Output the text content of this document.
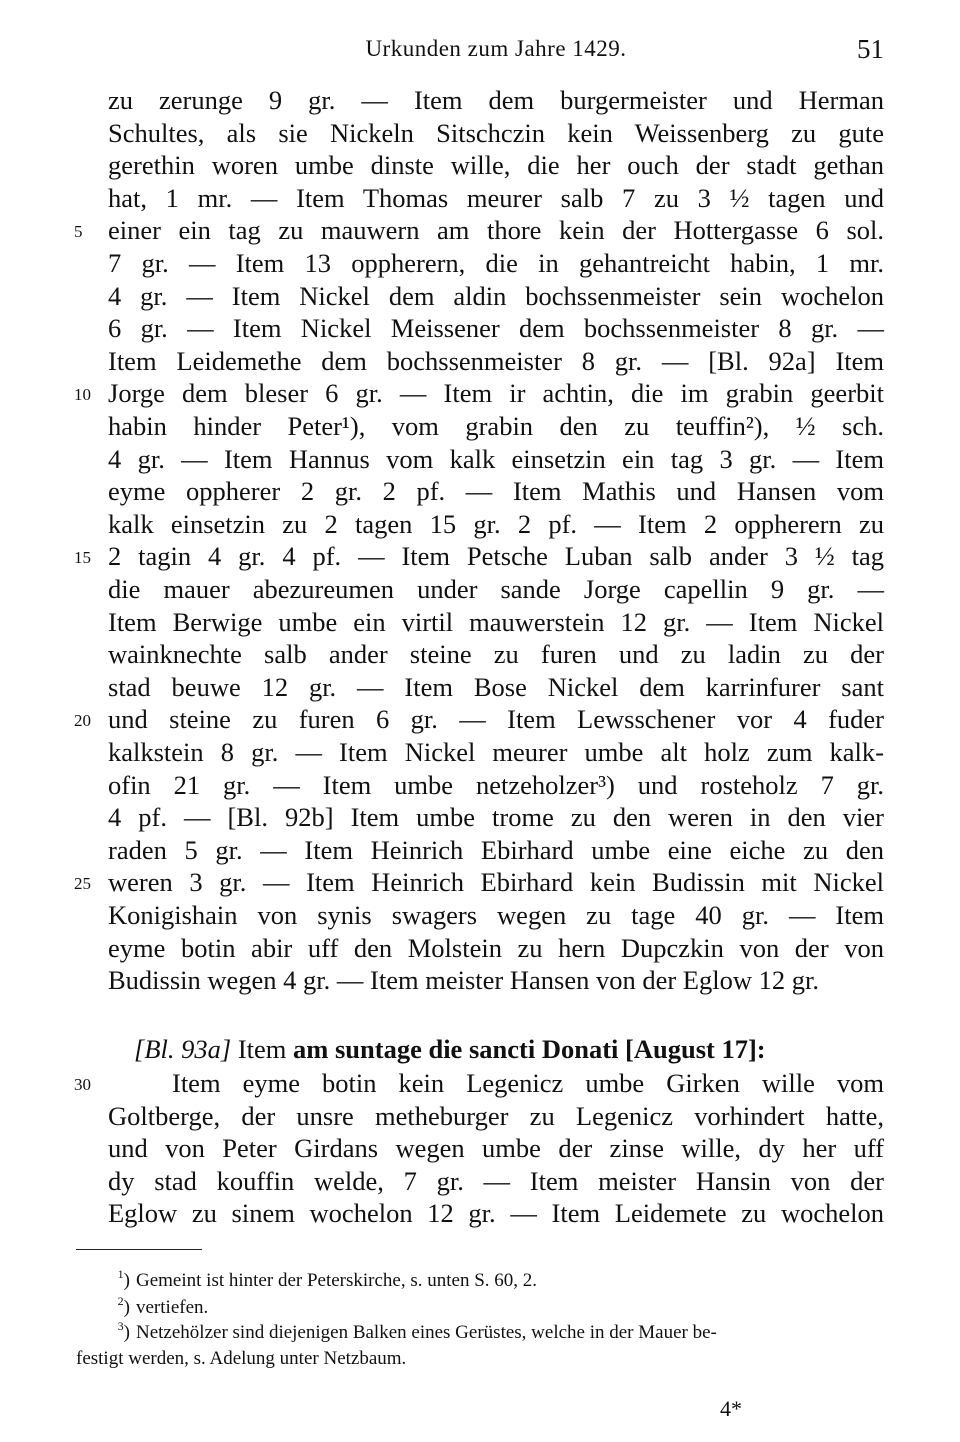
Urkunden zum Jahre 1429.	51
zu zerunge 9 gr. — Item dem burgermeister und Herman
Schultes, als sie Nickeln Sitschczin kein Weissenberg zu gute
gerethin woren umbe dinste wille, die her ouch der stadt gethan
hat, 1 mr. — Item Thomas meurer salb 7 zu 3 ½ tagen und
einer ein tag zu mauwern am thore kein der Hottergasse 6 sol.
7 gr. — Item 13 oppherern, die in gehantreicht habin, 1 mr.
4 gr. — Item Nickel dem aldin bochssenmeister sein wochelon
6 gr. — Item Nickel Meissener dem bochssenmeister 8 gr. —
Item Leidemethe dem bochssenmeister 8 gr. — [Bl. 92a] Item
Jorge dem bleser 6 gr. — Item ir achtin, die im grabin geerbit
habin hinder Peter¹), vom grabin den zu teuffin²), ½ sch.
4 gr. — Item Hannus vom kalk einsetzin ein tag 3 gr. — Item
eyme oppherer 2 gr. 2 pf. — Item Mathis und Hansen vom
kalk einsetzin zu 2 tagen 15 gr. 2 pf. — Item 2 oppherern zu
2 tagin 4 gr. 4 pf. — Item Petsche Luban salb ander 3 ½ tag
die mauer abezureumen under sande Jorge capellin 9 gr. —
Item Berwige umbe ein virtil mauwerstein 12 gr. — Item Nickel
wainknechte salb ander steine zu furen und zu ladin zu der
stad beuwe 12 gr. — Item Bose Nickel dem karrinfurer sant
und steine zu furen 6 gr. — Item Lewsschener vor 4 fuder
kalkstein 8 gr. — Item Nickel meurer umbe alt holz zum kalk-
ofin 21 gr. — Item umbe netzeholzer³) und rosteholz 7 gr.
4 pf. — [Bl. 92b] Item umbe trome zu den weren in den vier
raden 5 gr. — Item Heinrich Ebirhard umbe eine eiche zu den
weren 3 gr. — Item Heinrich Ebirhard kein Budissin mit Nickel
Konigishain von synis swagers wegen zu tage 40 gr. — Item
eyme botin abir uff den Molstein zu hern Dupczkin von der von
Budissin wegen 4 gr. — Item meister Hansen von der Eglow 12 gr.
[Bl. 93a] Item am suntage die sancti Donati [August 17]:
Item eyme botin kein Legenicz umbe Girken wille vom
Goltberge, der unsre metheburger zu Legenicz vorhindert hatte,
und von Peter Girdans wegen umbe der zinse wille, dy her uff
dy stad kouffin welde, 7 gr. — Item meister Hansin von der
Eglow zu sinem wochelon 12 gr. — Item Leidemete zu wochelon
5
10
15
20
25
30
$^1$) Gemeint ist hinter der Peterskirche, s. unten S. 60, 2.
$^2$) vertiefen.
$^3$) Netzehölzer sind diejenigen Balken eines Gerüstes, welche in der Mauer be-
festigt werden, s. Adelung unter Netzbaum.
4*
